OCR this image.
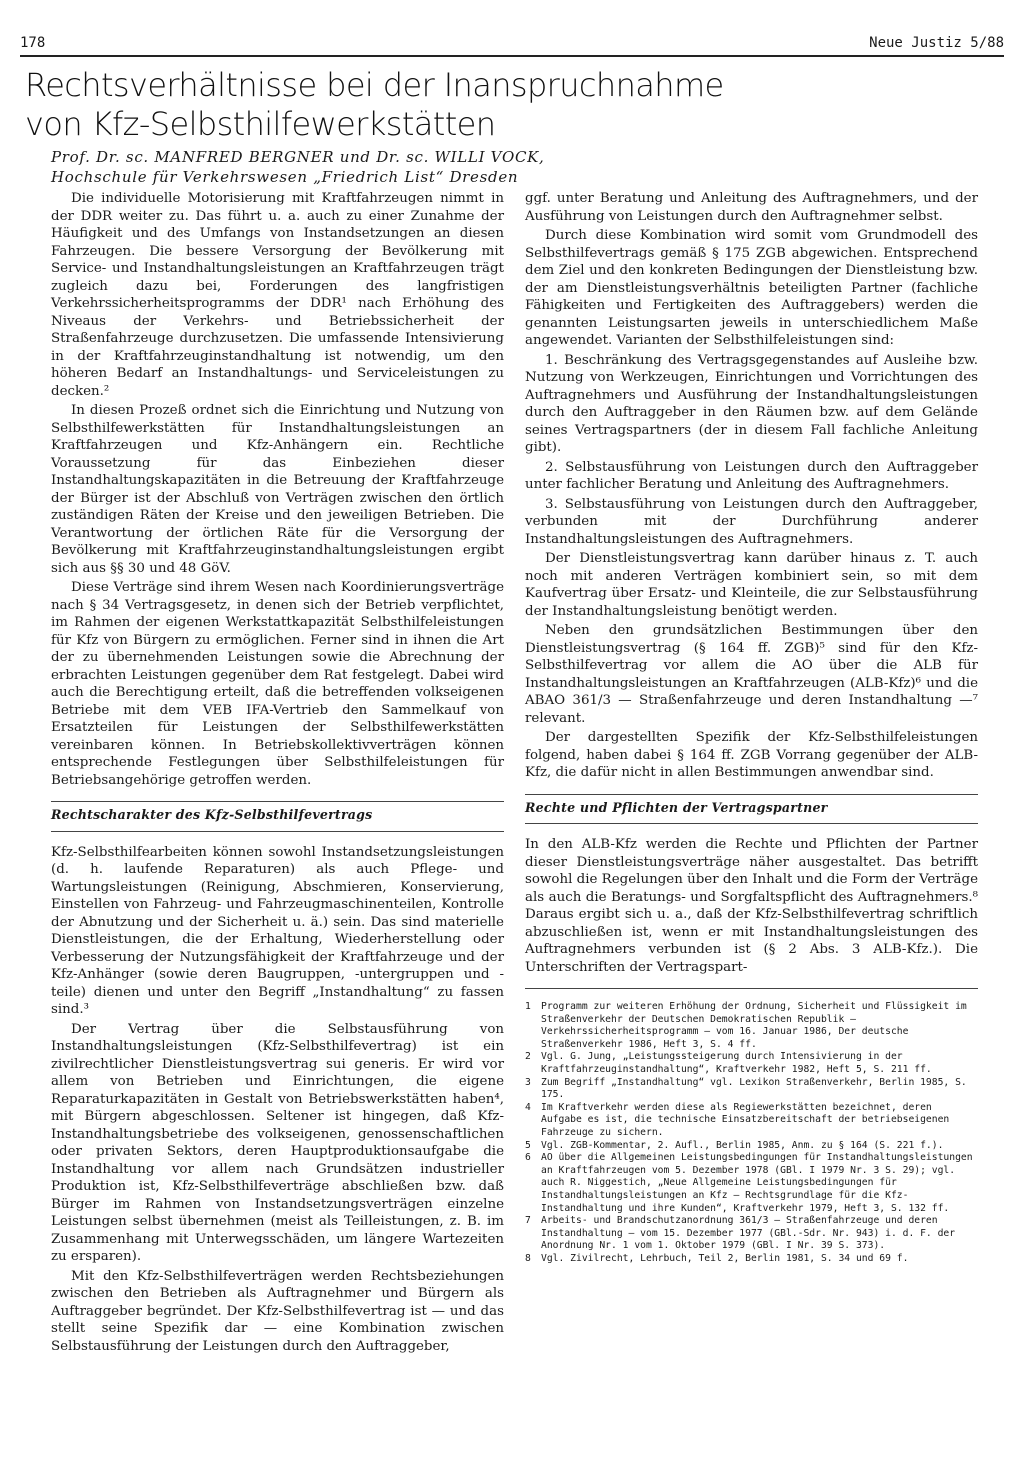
178	Neue Justiz 5/88
Rechtsverhältnisse bei der Inanspruchnahme
von Kfz-Selbsthilfewerkstätten
Prof. Dr. sc. MANFRED BERGNER und Dr. sc. WILLI VOCK,
Hochschule für Verkehrswesen „Friedrich List“ Dresden

Die individuelle Motorisierung mit Kraftfahrzeugen nimmt in der DDR weiter zu. Das führt u. a. auch zu einer Zunahme der Häufigkeit und des Umfangs von Instandsetzungen an diesen Fahrzeugen. Die bessere Versorgung der Bevölkerung mit Service- und Instandhaltungsleistungen an Kraftfahrzeugen trägt zugleich dazu bei, Forderungen des langfristigen Verkehrssicherheitsprogramms der DDR¹ nach Erhöhung des Niveaus der Verkehrs- und Betriebssicherheit der Straßenfahrzeuge durchzusetzen. Die umfassende Intensivierung in der Kraftfahrzeuginstandhaltung ist notwendig, um den höheren Bedarf an Instandhaltungs- und Serviceleistungen zu decken.²

In diesen Prozeß ordnet sich die Einrichtung und Nutzung von Selbsthilfewerkstätten für Instandhaltungsleistungen an Kraftfahrzeugen und Kfz-Anhängern ein. Rechtliche Voraussetzung für das Einbeziehen dieser Instandhaltungskapazitäten in die Betreuung der Kraftfahrzeuge der Bürger ist der Abschluß von Verträgen zwischen den örtlich zuständigen Räten der Kreise und den jeweiligen Betrieben. Die Verantwortung der örtlichen Räte für die Versorgung der Bevölkerung mit Kraftfahrzeuginstandhaltungsleistungen ergibt sich aus §§ 30 und 48 GöV.

Diese Verträge sind ihrem Wesen nach Koordinierungsverträge nach § 34 Vertragsgesetz, in denen sich der Betrieb verpflichtet, im Rahmen der eigenen Werkstattkapazität Selbsthilfeleistungen für Kfz von Bürgern zu ermöglichen. Ferner sind in ihnen die Art der zu übernehmenden Leistungen sowie die Abrechnung der erbrachten Leistungen gegenüber dem Rat festgelegt. Dabei wird auch die Berechtigung erteilt, daß die betreffenden volkseigenen Betriebe mit dem VEB IFA-Vertrieb den Sammelkauf von Ersatzteilen für Leistungen der Selbsthilfewerkstätten vereinbaren können. In Betriebskollektivverträgen können entsprechende Festlegungen über Selbsthilfeleistungen für Betriebsangehörige getroffen werden.

Rechtscharakter des Kfz-Selbsthilfevertrags

Kfz-Selbsthilfearbeiten können sowohl Instandsetzungsleistungen (d. h. laufende Reparaturen) als auch Pflege- und Wartungsleistungen (Reinigung, Abschmieren, Konservierung, Einstellen von Fahrzeug- und Fahrzeugmaschinenteilen, Kontrolle der Abnutzung und der Sicherheit u. ä.) sein. Das sind materielle Dienstleistungen, die der Erhaltung, Wiederherstellung oder Verbesserung der Nutzungsfähigkeit der Kraftfahrzeuge und der Kfz-Anhänger (sowie deren Baugruppen, -untergruppen und -teile) dienen und unter den Begriff „Instandhaltung“ zu fassen sind.³

Der Vertrag über die Selbstausführung von Instandhaltungsleistungen (Kfz-Selbsthilfevertrag) ist ein zivilrechtlicher Dienstleistungsvertrag sui generis. Er wird vor allem von Betrieben und Einrichtungen, die eigene Reparaturkapazitäten in Gestalt von Betriebswerkstätten haben⁴, mit Bürgern abgeschlossen. Seltener ist hingegen, daß Kfz-Instandhaltungsbetriebe des volkseigenen, genossenschaftlichen oder privaten Sektors, deren Hauptproduktionsaufgabe die Instandhaltung vor allem nach Grundsätzen industrieller Produktion ist, Kfz-Selbsthilfeverträge abschließen bzw. daß Bürger im Rahmen von Instandsetzungsverträgen einzelne Leistungen selbst übernehmen (meist als Teilleistungen, z. B. im Zusammenhang mit Unterwegsschäden, um längere Wartezeiten zu ersparen).

Mit den Kfz-Selbsthilfeverträgen werden Rechtsbeziehungen zwischen den Betrieben als Auftragnehmer und Bürgern als Auftraggeber begründet. Der Kfz-Selbsthilfevertrag ist — und das stellt seine Spezifik dar — eine Kombination zwischen Selbstausführung der Leistungen durch den Auftraggeber,

ggf. unter Beratung und Anleitung des Auftragnehmers, und der Ausführung von Leistungen durch den Auftragnehmer selbst.

Durch diese Kombination wird somit vom Grundmodell des Selbsthilfevertrags gemäß § 175 ZGB abgewichen. Entsprechend dem Ziel und den konkreten Bedingungen der Dienstleistung bzw. der am Dienstleistungsverhältnis beteiligten Partner (fachliche Fähigkeiten und Fertigkeiten des Auftraggebers) werden die genannten Leistungsarten jeweils in unterschiedlichem Maße angewendet. Varianten der Selbsthilfeleistungen sind:

1. Beschränkung des Vertragsgegenstandes auf Ausleihe bzw. Nutzung von Werkzeugen, Einrichtungen und Vorrichtungen des Auftragnehmers und Ausführung der Instandhaltungsleistungen durch den Auftraggeber in den Räumen bzw. auf dem Gelände seines Vertragspartners (der in diesem Fall fachliche Anleitung gibt).

2. Selbstausführung von Leistungen durch den Auftraggeber unter fachlicher Beratung und Anleitung des Auftragnehmers.

3. Selbstausführung von Leistungen durch den Auftraggeber, verbunden mit der Durchführung anderer Instandhaltungsleistungen des Auftragnehmers.

Der Dienstleistungsvertrag kann darüber hinaus z. T. auch noch mit anderen Verträgen kombiniert sein, so mit dem Kaufvertrag über Ersatz- und Kleinteile, die zur Selbstausführung der Instandhaltungsleistung benötigt werden.

Neben den grundsätzlichen Bestimmungen über den Dienstleistungsvertrag (§ 164 ff. ZGB)⁵ sind für den Kfz-Selbsthilfevertrag vor allem die AO über die ALB für Instandhaltungsleistungen an Kraftfahrzeugen (ALB-Kfz)⁶ und die ABAO 361/3 — Straßenfahrzeuge und deren Instandhaltung —⁷ relevant.

Der dargestellten Spezifik der Kfz-Selbsthilfeleistungen folgend, haben dabei § 164 ff. ZGB Vorrang gegenüber der ALB-Kfz, die dafür nicht in allen Bestimmungen anwendbar sind.

Rechte und Pflichten der Vertragspartner

In den ALB-Kfz werden die Rechte und Pflichten der Partner dieser Dienstleistungsverträge näher ausgestaltet. Das betrifft sowohl die Regelungen über den Inhalt und die Form der Verträge als auch die Beratungs- und Sorgfaltspflicht des Auftragnehmers.⁸ Daraus ergibt sich u. a., daß der Kfz-Selbsthilfevertrag schriftlich abzuschließen ist, wenn er mit Instandhaltungsleistungen des Auftragnehmers verbunden ist (§ 2 Abs. 3 ALB-Kfz.). Die Unterschriften der Vertragspart-

1	Programm zur weiteren Erhöhung der Ordnung, Sicherheit und Flüssigkeit im Straßenverkehr der Deutschen Demokratischen Republik — Verkehrssicherheitsprogramm — vom 16. Januar 1986, Der deutsche Straßenverkehr 1986, Heft 3, S. 4 ff.
2	Vgl. G. Jung, „Leistungssteigerung durch Intensivierung in der Kraftfahrzeuginstandhaltung“, Kraftverkehr 1982, Heft 5, S. 211 ff.
3	Zum Begriff „Instandhaltung“ vgl. Lexikon Straßenverkehr, Berlin 1985, S. 175.
4	Im Kraftverkehr werden diese als Regiewerkstätten bezeichnet, deren Aufgabe es ist, die technische Einsatzbereitschaft der betriebseigenen Fahrzeuge zu sichern.
5	Vgl. ZGB-Kommentar, 2. Aufl., Berlin 1985, Anm. zu § 164 (S. 221 f.).
6	AO über die Allgemeinen Leistungsbedingungen für Instandhaltungsleistungen an Kraftfahrzeugen vom 5. Dezember 1978 (GBl. I 1979 Nr. 3 S. 29); vgl. auch R. Niggestich, „Neue Allgemeine Leistungsbedingungen für Instandhaltungsleistungen an Kfz — Rechtsgrundlage für die Kfz-Instandhaltung und ihre Kunden“, Kraftverkehr 1979, Heft 3, S. 132 ff.
7	Arbeits- und Brandschutzanordnung 361/3 — Straßenfahrzeuge und deren Instandhaltung — vom 15. Dezember 1977 (GBl.-Sdr. Nr. 943) i. d. F. der Anordnung Nr. 1 vom 1. Oktober 1979 (GBl. I Nr. 39 S. 373).
8	Vgl. Zivilrecht, Lehrbuch, Teil 2, Berlin 1981, S. 34 und 69 f.
